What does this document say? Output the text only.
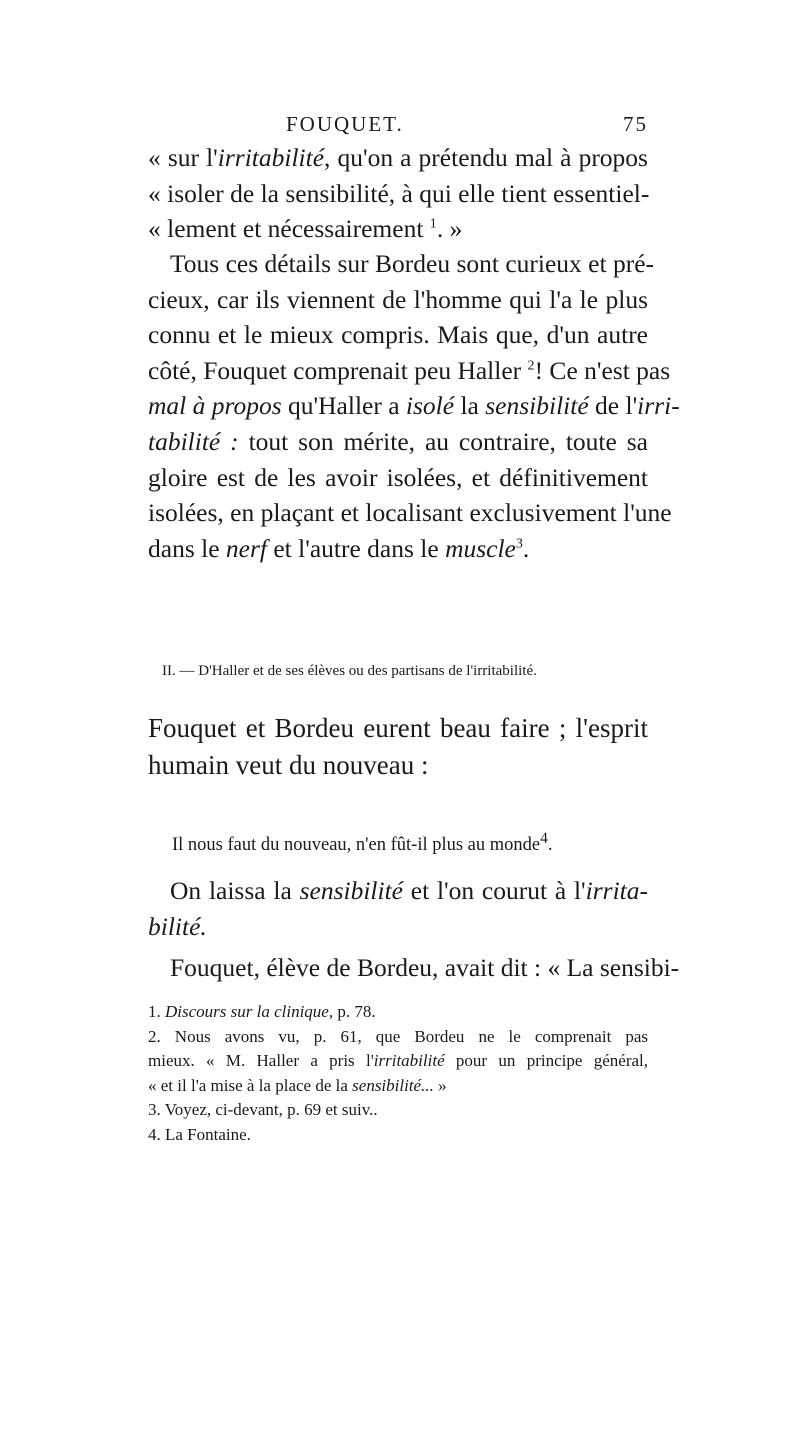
FOUQUET.	75
« sur l'irritabilité, qu'on a prétendu mal à propos
« isoler de la sensibilité, à qui elle tient essentiel-
« lement et nécessairement $^1$. »
Tous ces détails sur Bordeu sont curieux et pré-
cieux, car ils viennent de l'homme qui l'a le plus
connu et le mieux compris. Mais que, d'un autre
côté, Fouquet comprenait peu Haller $^2$! Ce n'est pas
mal à propos qu'Haller a isolé la sensibilité de l'irri-
tabilité : tout son mérite, au contraire, toute sa
gloire est de les avoir isolées, et définitivement
isolées, en plaçant et localisant exclusivement l'une
dans le nerf et l'autre dans le muscle$^3$.
II. — D'Haller et de ses élèves ou des partisans de l'irritabilité.
Fouquet et Bordeu eurent beau faire ; l'esprit
humain veut du nouveau :
Il nous faut du nouveau, n'en fût-il plus au monde$^4$.
On laissa la sensibilité et l'on courut à l'irrita-
bilité.
Fouquet, élève de Bordeu, avait dit : « La sensibi-
1. Discours sur la clinique, p. 78.
2. Nous avons vu, p. 61, que Bordeu ne le comprenait pas
mieux. « M. Haller a pris l'irritabilité pour un principe général,
« et il l'a mise à la place de la sensibilité... »
3. Voyez, ci-devant, p. 69 et suiv..
4. La Fontaine.
